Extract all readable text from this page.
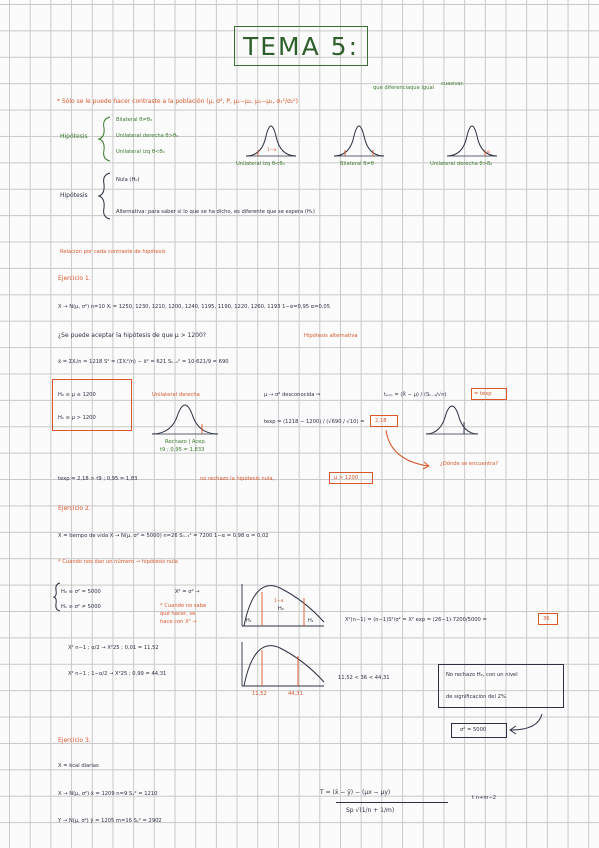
TEMA 5:
* Sólo se le puede hacer contraste a la población (μ, σ², P, μ₁−μ₂, μ₁−μ₂, σ₁²/σ₂²)
que diferencia que igual
cuasivar.
Hipótesis
Bilateral θ≠θ₀
Unilateral derecha θ>θ₀
Unilateral izq θ<θ₀	1−α	α
Unilateral izq θ<θ₀	Bilateral θ≠θ	Unilateral derecha θ>θ₀
Hipótesis
Nula (H₀)
Alternativa: para saber si lo que se ha dicho, es diferente que se espera (H₁)
Relación por cada contraste de hipótesis
Ejercicio 1.
X → N(μ, σ²) n=10 Xᵢ = 1250, 1230, 1210, 1200, 1240, 1195, 1190, 1220, 1260, 1193 1−α=0,95 α=0,05
¿Se puede aceptar la hipótesis de que μ > 1200?	Hipótesis alternativa
x̄ = ΣXᵢ/n = 1218 S² = (ΣXᵢ²/n) − x̄² = 621 Sₙ₋₁² = 10·621/9 = 690
H₀ ≡ μ ≤ 1200
H₁ ≡ μ > 1200
Unilateral derecha
Rechazo | Acep.
t9 ; 0,95 = 1,833
μ → σ² desconocida ⇒	tₑₓₚ = (X̄ − μ) / (Sₙ₋₁/√n)	= texp
texp = (1218 − 1200) / (√690 / √10) =	2,18
¿Dónde se encuentra?
texp = 2,18 > t9 ; 0,95 = 1,83	no rechazo la hipótesis nula,	μ > 1200
Ejercicio 2.
X = tiempo de vida X → N(μ, σ² = 5000) n=26 Sₙ₋₁² = 7200 1−α = 0,98 α = 0,02
* Cuando nos dan un número → hipótesis nula
H₀ ≡ σ² = 5000
H₁ ≡ σ² ≠ 5000
X² = σ² →
* Cuando no sabe
qué hacer, se
hace con X² →	H₁
H₀
H₁
1−α
X²(n−1) = (n−1)S²/σ² = X² exp = (26−1)·7200/5000 =	36
X² n−1 ; α/2 → X²25 ; 0,01 = 11,52
X² n−1 ; 1−α/2 → X²25 ; 0,99 = 44,31
11,52	44,31
11,52 < 36 < 44,31	No rechazo H₀, con un nivel
de significación del 2%
σ² = 5000
Ejercicio 3.
X = kcal diarias
X → N(μ, σ²) x̄ = 1209 n=9 Sₓ² = 1210
Y → N(μ, σ²) ȳ = 1205 m=16 Sᵧ² = 2902
T = (x̄ − ȳ) − (μx − μy)
Sp √(1/n + 1/m)
t n+m−2
